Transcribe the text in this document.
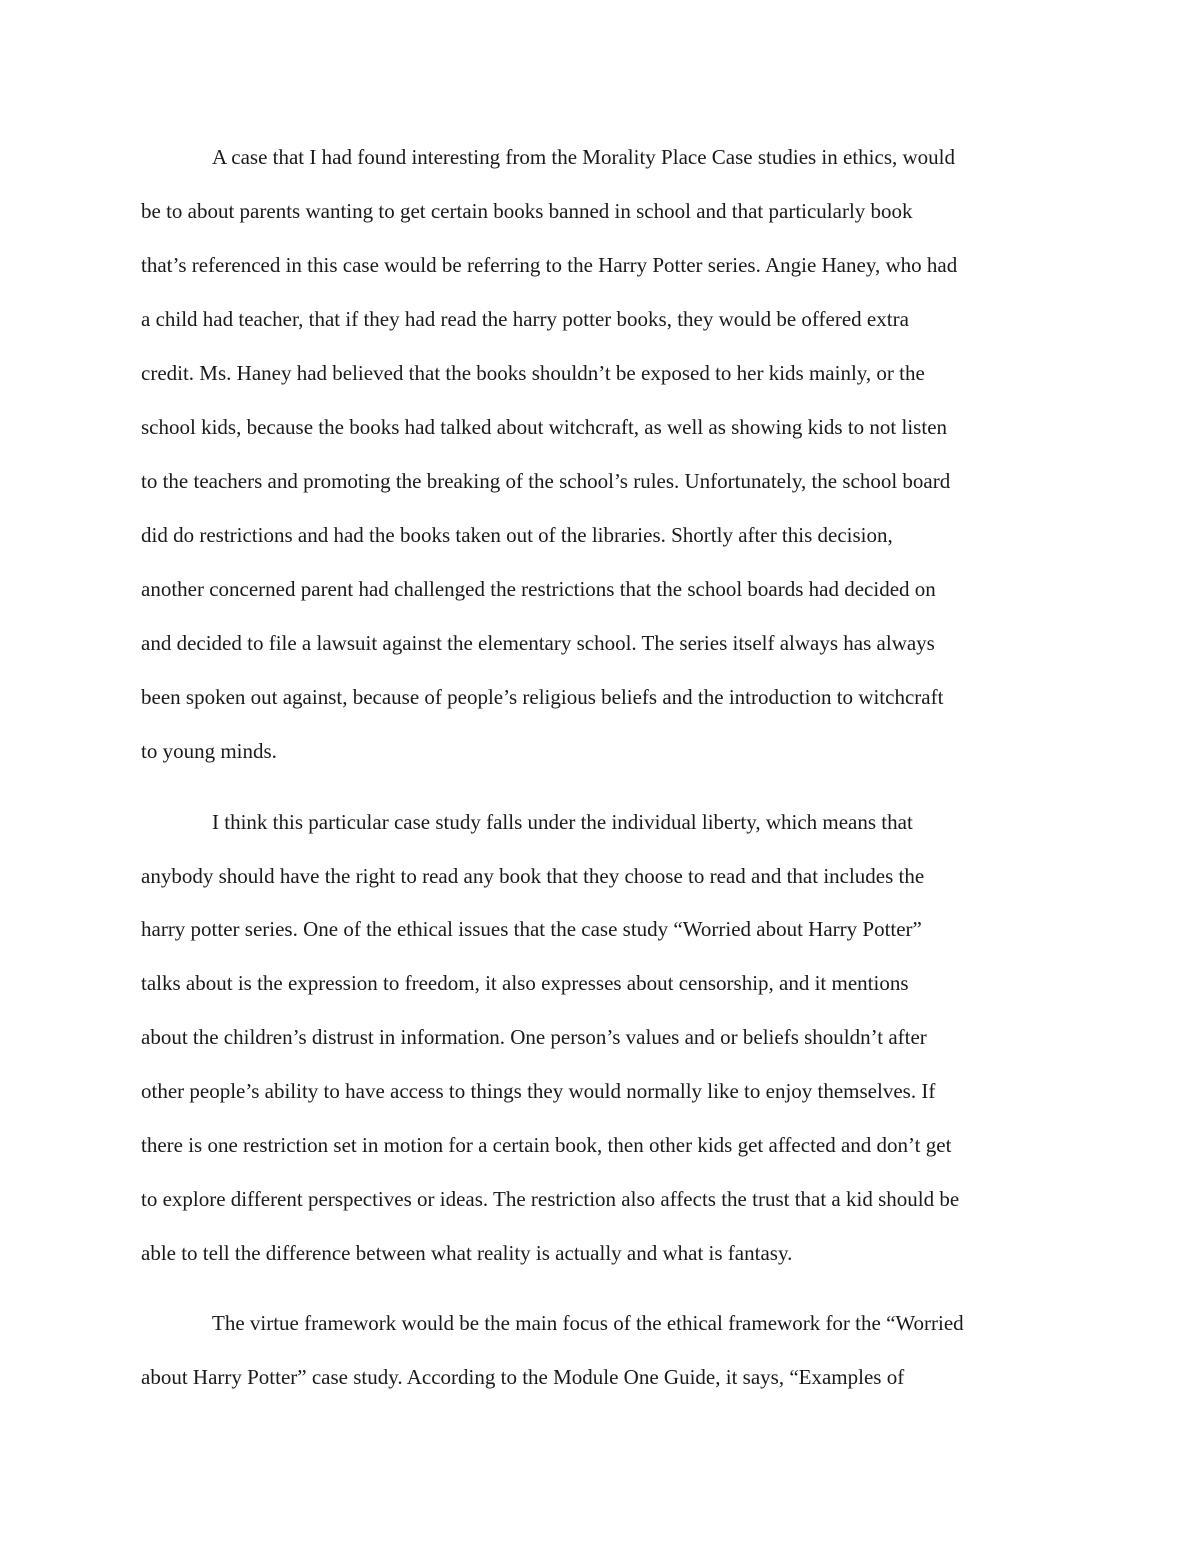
A case that I had found interesting from the Morality Place Case studies in ethics, would

be to about parents wanting to get certain books banned in school and that particularly book

that’s referenced in this case would be referring to the Harry Potter series. Angie Haney, who had

a child had teacher, that if they had read the harry potter books, they would be offered extra

credit. Ms. Haney had believed that the books shouldn’t be exposed to her kids mainly, or the

school kids, because the books had talked about witchcraft, as well as showing kids to not listen

to the teachers and promoting the breaking of the school’s rules. Unfortunately, the school board

did do restrictions and had the books taken out of the libraries. Shortly after this decision,

another concerned parent had challenged the restrictions that the school boards had decided on

and decided to file a lawsuit against the elementary school. The series itself always has always

been spoken out against, because of people’s religious beliefs and the introduction to witchcraft

to young minds.

I think this particular case study falls under the individual liberty, which means that

anybody should have the right to read any book that they choose to read and that includes the

harry potter series. One of the ethical issues that the case study “Worried about Harry Potter”

talks about is the expression to freedom, it also expresses about censorship, and it mentions

about the children’s distrust in information. One person’s values and or beliefs shouldn’t after

other people’s ability to have access to things they would normally like to enjoy themselves. If

there is one restriction set in motion for a certain book, then other kids get affected and don’t get

to explore different perspectives or ideas. The restriction also affects the trust that a kid should be

able to tell the difference between what reality is actually and what is fantasy.

The virtue framework would be the main focus of the ethical framework for the “Worried

about Harry Potter” case study. According to the Module One Guide, it says, “Examples of
